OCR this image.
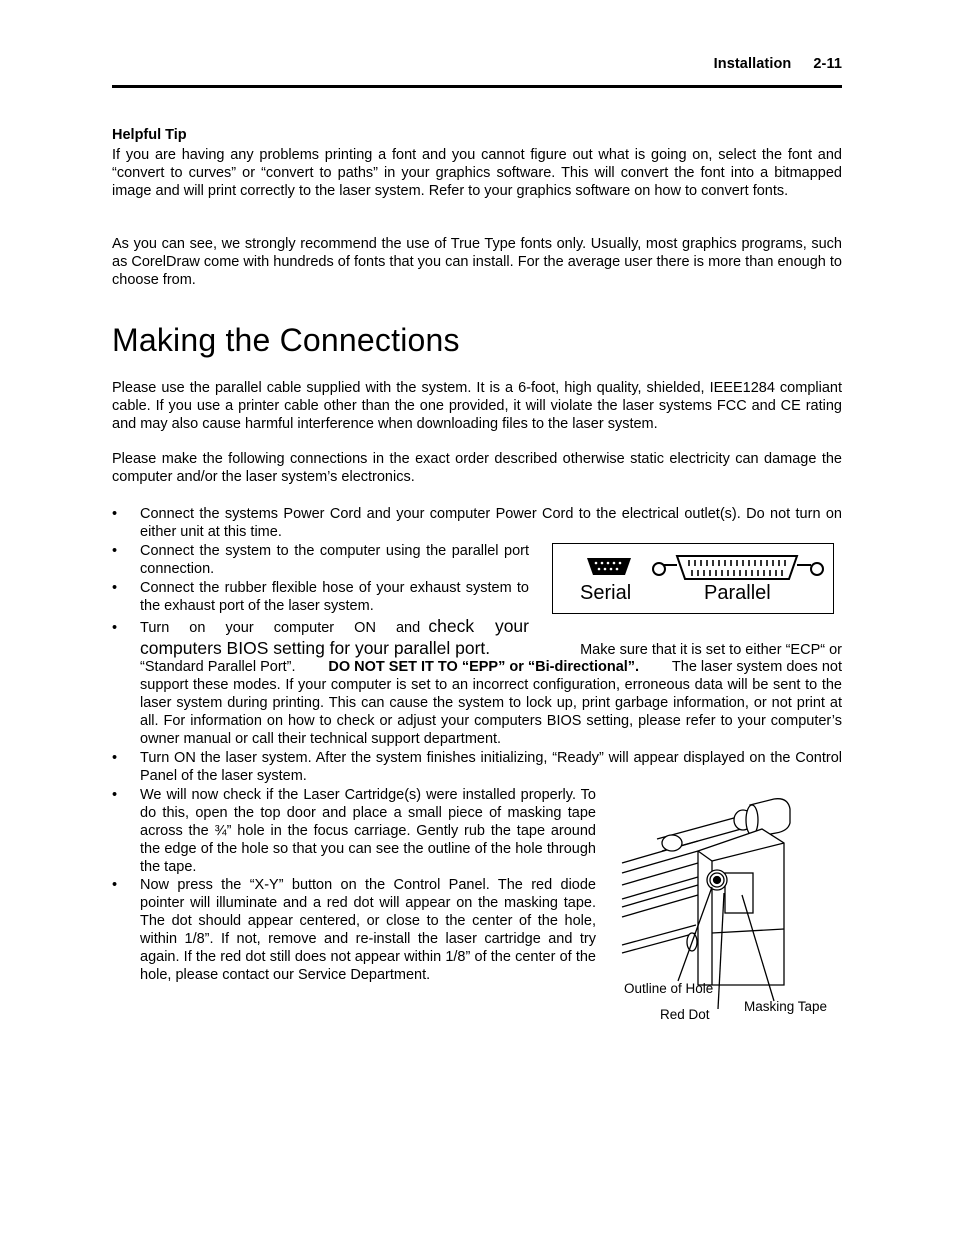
Installation 2-11

Helpful Tip

If you are having any problems printing a font and you cannot figure out what is going on, select the font and “convert to curves” or “convert to paths” in your graphics software. This will convert the font into a bitmapped image and will print correctly to the laser system. Refer to your graphics software on how to convert fonts.

As you can see, we strongly recommend the use of True Type fonts only. Usually, most graphics programs, such as CorelDraw come with hundreds of fonts that you can install. For the average user there is more than enough to choose from.

Making the Connections

Please use the parallel cable supplied with the system. It is a 6-foot, high quality, shielded, IEEE1284 compliant cable. If you use a printer cable other than the one provided, it will violate the laser systems FCC and CE rating and may also cause harmful interference when downloading files to the laser system.

Please make the following connections in the exact order described otherwise static electricity can damage the computer and/or the laser system’s electronics.

•	Connect the systems Power Cord and your computer Power Cord to the electrical outlet(s). Do not turn on either unit at this time.

•	Connect the system to the computer using the parallel port connection.

•	Connect the rubber flexible hose of your exhaust system to the exhaust port of the laser system.

Serial	Parallel
•	Turn on your computer ON and check your
computers BIOS setting for your parallel port.	Make sure that it is set to either “ECP“ or
“Standard Parallel Port”. DO NOT SET IT TO “EPP” or “Bi-directional”. The laser system does not

support these modes. If your computer is set to an incorrect configuration, erroneous data will be sent to the laser system during printing. This can cause the system to lock up, print garbage information, or not print at all. For information on how to check or adjust your computers BIOS setting, please refer to your computer’s owner manual or call their technical support department.

•	Turn ON the laser system. After the system finishes initializing, “Ready” will appear displayed on the Control Panel of the laser system.

•	We will now check if the Laser Cartridge(s) were installed properly. To do this, open the top door and place a small piece of masking tape across the ¾” hole in the focus carriage. Gently rub the tape around the edge of the hole so that you can see the outline of the hole through the tape.

•	Now press the “X-Y” button on the Control Panel. The red diode pointer will illuminate and a red dot will appear on the masking tape. The dot should appear centered, or close to the center of the hole, within 1/8”. If not, remove and re-install the laser cartridge and try again. If the red dot still does not appear within 1/8” of the center of the hole, please contact our Service Department.

Outline of Hole
Red Dot
Masking Tape
